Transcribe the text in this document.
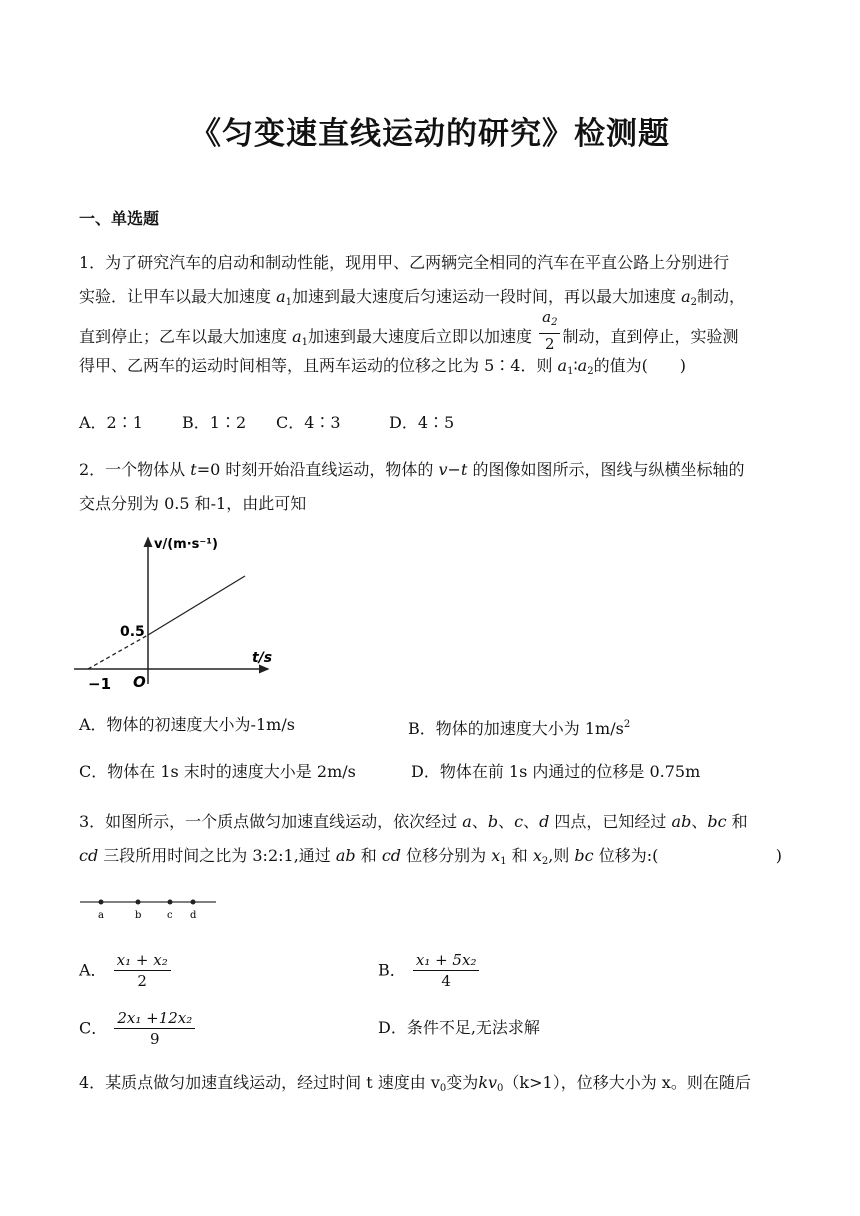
《匀变速直线运动的研究》检测题
一、单选题
1．为了研究汽车的启动和制动性能，现用甲、乙两辆完全相同的汽车在平直公路上分别进行
实验．让甲车以最大加速度 $a_1$加速到最大速度后匀速运动一段时间，再以最大加速度 $a_2$制动，
直到停止；乙车以最大加速度 $a_1$加速到最大速度后立即以加速度 $\frac{a_2}{2}$ 制动，直到停止，实验测
得甲、乙两车的运动时间相等，且两车运动的位移之比为 5∶4．则 $a_1∶a_2$的值为(　　)
A．2∶1 B．1∶2 C．4∶3	D．4∶5
2．一个物体从 t=0 时刻开始沿直线运动，物体的 v−t 的图像如图所示，图线与纵横坐标轴的
交点分别为 0.5 和-1，由此可知
v/(m·s⁻¹)
t/s
0.5
−1 O
A．物体的初速度大小为-1m/s	B．物体的加速度大小为 $1m/s^2$
C．物体在 1s 末时的速度大小是 2m/s	D．物体在前 1s 内通过的位移是 0.75m
3．如图所示，一个质点做匀加速直线运动，依次经过 a、b、c、d 四点，已知经过 ab、bc 和
cd 三段所用时间之比为 3:2:1,通过 ab 和 cd 位移分别为 $x_1$ 和 $x_2$,则 bc 位移为:(	)
a	b	c d
A． $\frac{\text{x₁ + x₂}}{2}$	B． $\frac{\text{x₁ + 5x₂}}{4}$
C． $\frac{\text{2x₁ +12x₂}}{9}$	D．条件不足,无法求解
4．某质点做匀加速直线运动，经过时间 t 速度由 $v_0$变为$kv_0(k>1)$，位移大小为 x。则在随后
